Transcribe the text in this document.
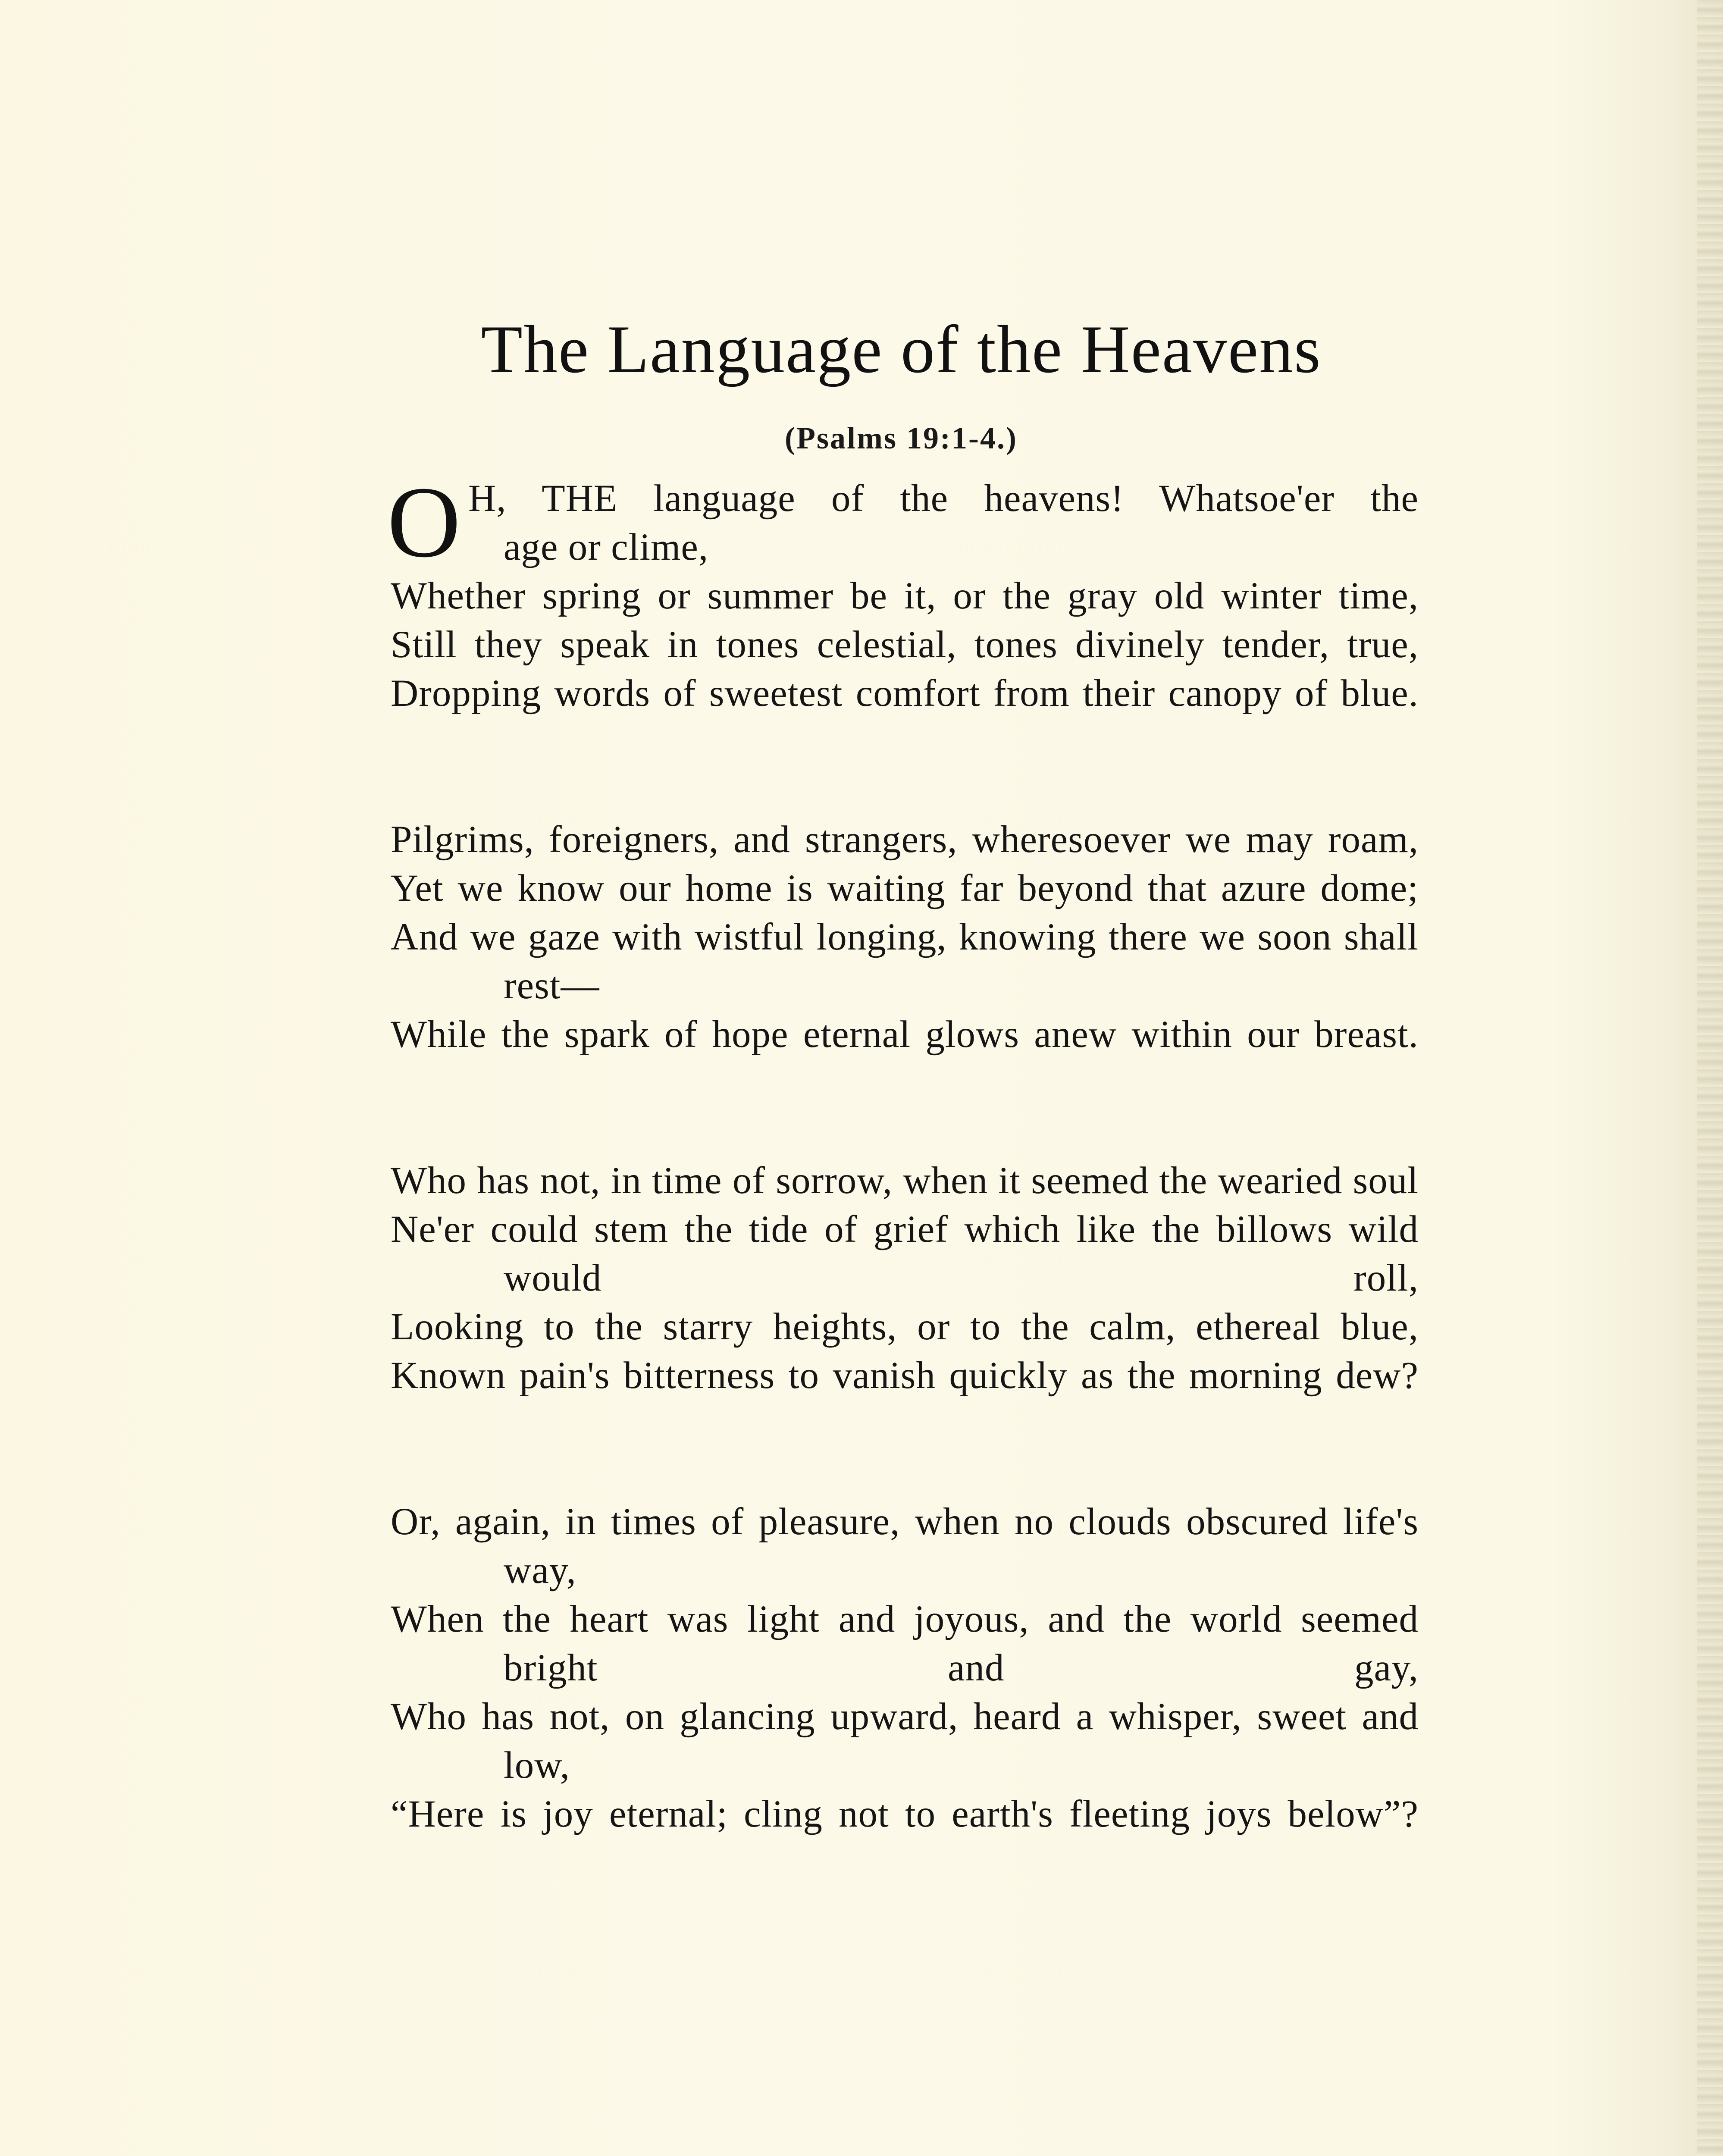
The Language of the Heavens
(Psalms 19:1-4.)
O H, THE language of the heavens! Whatsoe'er the
age or clime,
Whether spring or summer be it, or the gray old winter time,
Still they speak in tones celestial, tones divinely tender, true,
Dropping words of sweetest comfort from their canopy of blue.
Pilgrims, foreigners, and strangers, wheresoever we may roam,
Yet we know our home is waiting far beyond that azure dome;
And we gaze with wistful longing, knowing there we soon shall rest—
While the spark of hope eternal glows anew within our breast.
Who has not, in time of sorrow, when it seemed the wearied soul
Ne'er could stem the tide of grief which like the billows wild would roll,
Looking to the starry heights, or to the calm, ethereal blue,
Known pain's bitterness to vanish quickly as the morning dew?
Or, again, in times of pleasure, when no clouds obscured life's way,
When the heart was light and joyous, and the world seemed bright and gay,
Who has not, on glancing upward, heard a whisper, sweet and low,
“Here is joy eternal; cling not to earth's fleeting joys below”?
